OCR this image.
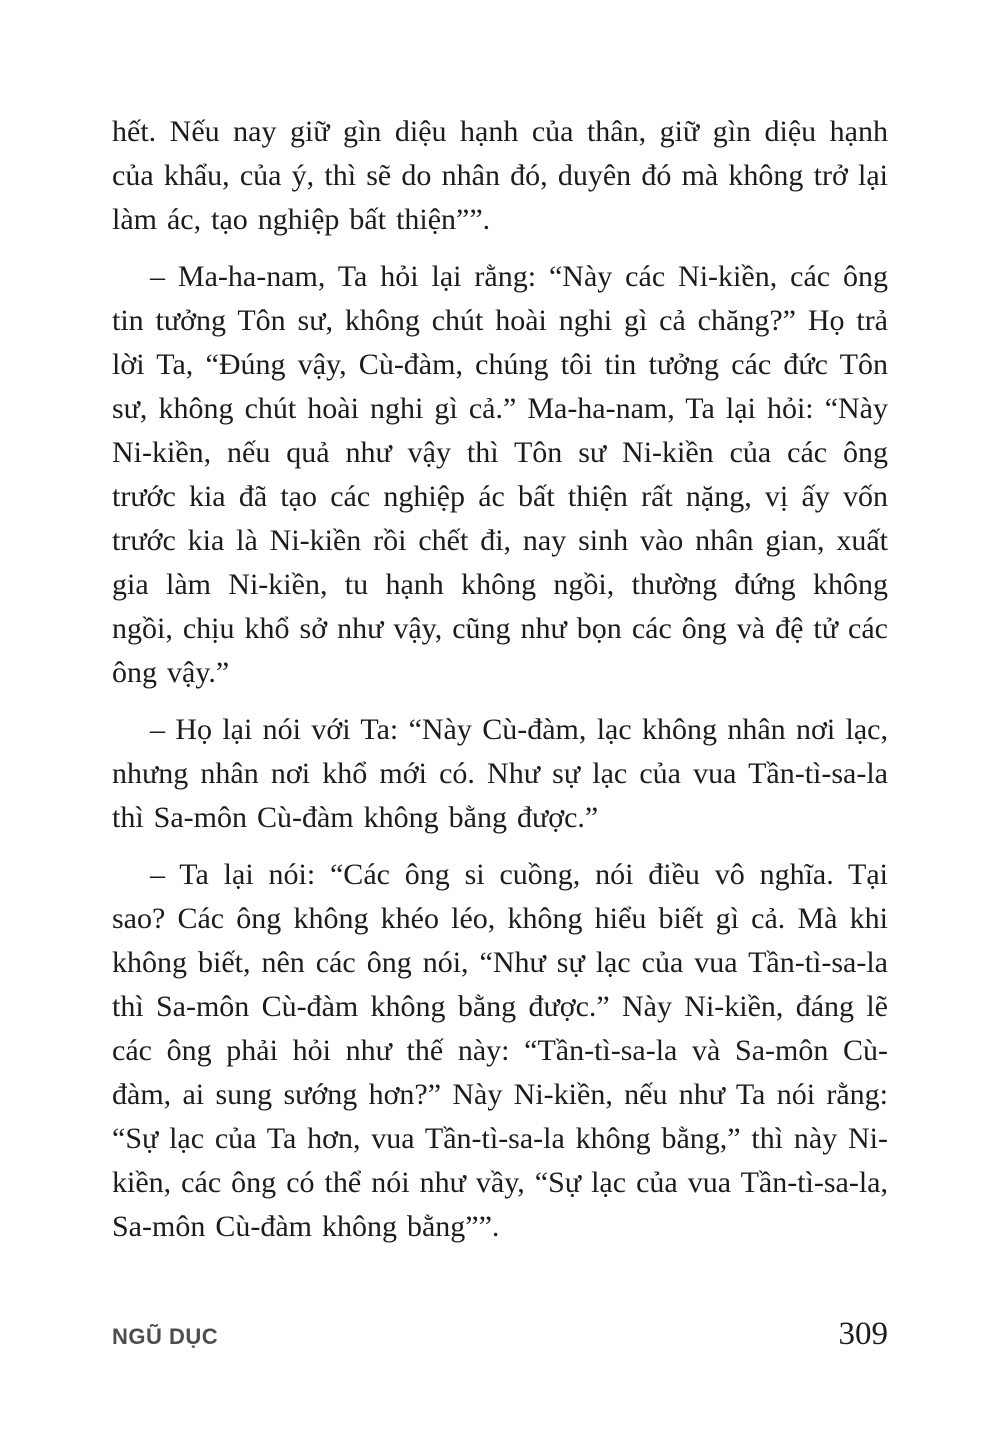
hết. Nếu nay giữ gìn diệu hạnh của thân, giữ gìn diệu hạnh của khẩu, của ý, thì sẽ do nhân đó, duyên đó mà không trở lại làm ác, tạo nghiệp bất thiện””.

– Ma-ha-nam, Ta hỏi lại rằng: “Này các Ni-kiền, các ông tin tưởng Tôn sư, không chút hoài nghi gì cả chăng?” Họ trả lời Ta, “Đúng vậy, Cù-đàm, chúng tôi tin tưởng các đức Tôn sư, không chút hoài nghi gì cả.” Ma-ha-nam, Ta lại hỏi: “Này Ni-kiền, nếu quả như vậy thì Tôn sư Ni-kiền của các ông trước kia đã tạo các nghiệp ác bất thiện rất nặng, vị ấy vốn trước kia là Ni-kiền rồi chết đi, nay sinh vào nhân gian, xuất gia làm Ni-kiền, tu hạnh không ngồi, thường đứng không ngồi, chịu khổ sở như vậy, cũng như bọn các ông và đệ tử các ông vậy.”

– Họ lại nói với Ta: “Này Cù-đàm, lạc không nhân nơi lạc, nhưng nhân nơi khổ mới có. Như sự lạc của vua Tần-tì-sa-la thì Sa-môn Cù-đàm không bằng được.”

– Ta lại nói: “Các ông si cuồng, nói điều vô nghĩa. Tại sao? Các ông không khéo léo, không hiểu biết gì cả. Mà khi không biết, nên các ông nói, “Như sự lạc của vua Tần-tì-sa-la thì Sa-môn Cù-đàm không bằng được.” Này Ni-kiền, đáng lẽ các ông phải hỏi như thế này: “Tần-tì-sa-la và Sa-môn Cù-đàm, ai sung sướng hơn?” Này Ni-kiền, nếu như Ta nói rằng: “Sự lạc của Ta hơn, vua Tần-tì-sa-la không bằng,” thì này Ni-kiền, các ông có thể nói như vầy, “Sự lạc của vua Tần-tì-sa-la, Sa-môn Cù-đàm không bằng””.

NGŨ DỤC	309
